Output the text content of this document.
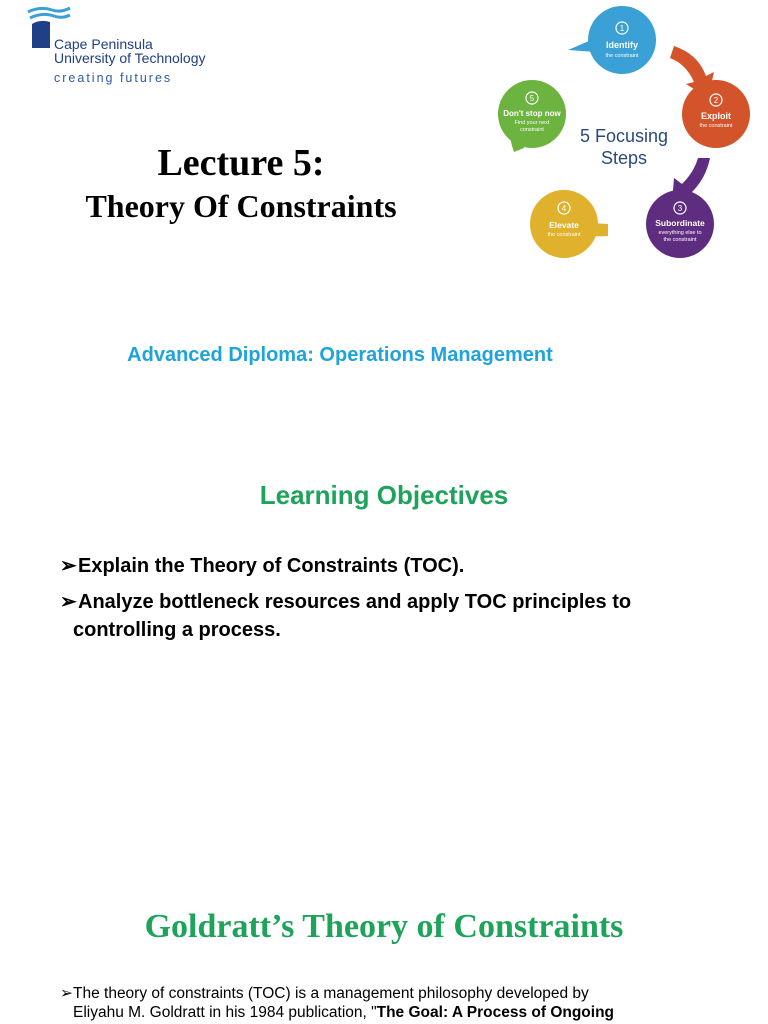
Cape Peninsula
University of Technology
creating futures
Lecture 5:
Theory Of Constraints
1
Identify
the constraint
2
Exploit
the constraint
3
Subordinate
everything else to
the constraint
4
Elevate
the constraint
5
Don't stop now
Find your next
constraint 5 Focusing
Steps
Advanced Diploma: Operations Management
Learning Objectives
➢Explain the Theory of Constraints (TOC).
➢Analyze bottleneck resources and apply TOC principles to
controlling a process.
Goldratt’s Theory of Constraints
➢The theory of constraints (TOC) is a management philosophy developed by
Eliyahu M. Goldratt in his 1984 publication, "The Goal: A Process of Ongoing
